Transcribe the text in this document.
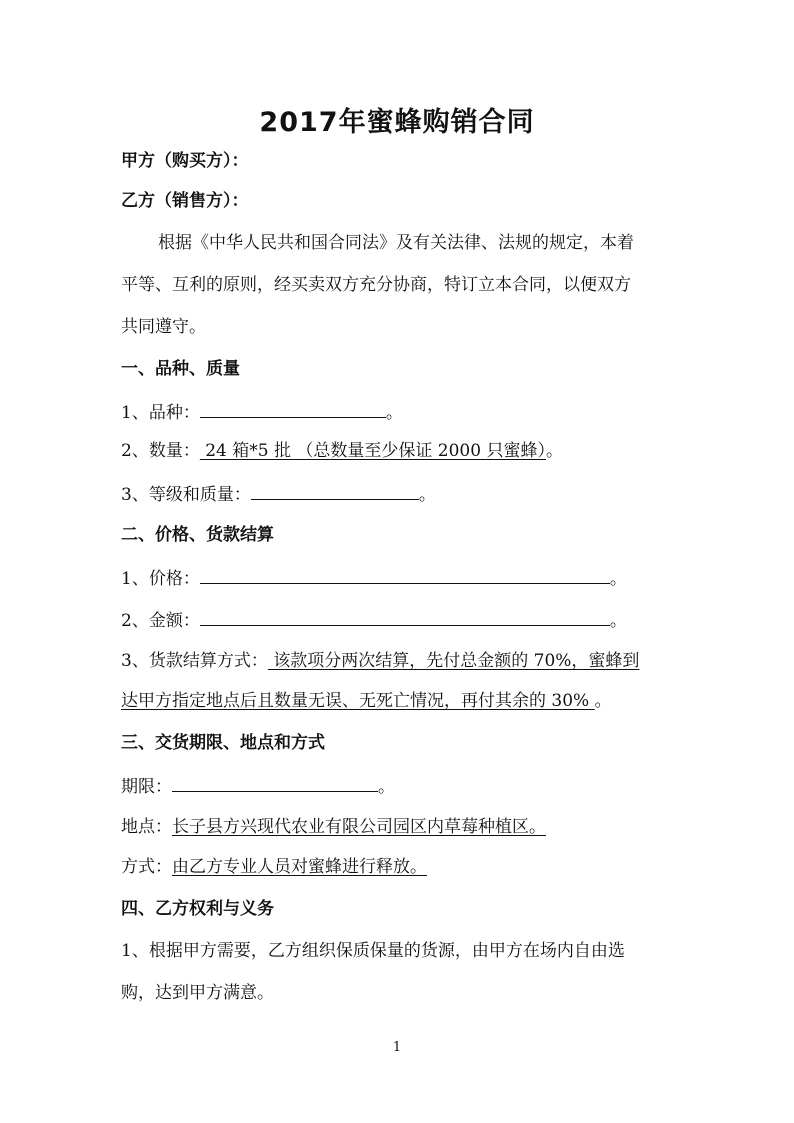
2017年蜜蜂购销合同
甲方（购买方）：
乙方（销售方）：
根据《中华人民共和国合同法》及有关法律、法规的规定，本着
平等、互利的原则，经买卖双方充分协商，特订立本合同，以便双方
共同遵守。
一、品种、质量
1、品种：	。
2、数量： 24 箱*5 批 （总数量至少保证 2000 只蜜蜂）。
3、等级和质量：	。
二、价格、货款结算
1、价格：	。
2、金额：	。
3、货款结算方式： 该款项分两次结算，先付总金额的 70%，蜜蜂到
达甲方指定地点后且数量无误、无死亡情况，再付其余的 30% 。
三、交货期限、地点和方式
期限：	。
地点：长子县方兴现代农业有限公司园区内草莓种植区。
方式：由乙方专业人员对蜜蜂进行释放。
四、乙方权利与义务
1、根据甲方需要，乙方组织保质保量的货源，由甲方在场内自由选
购，达到甲方满意。
1
